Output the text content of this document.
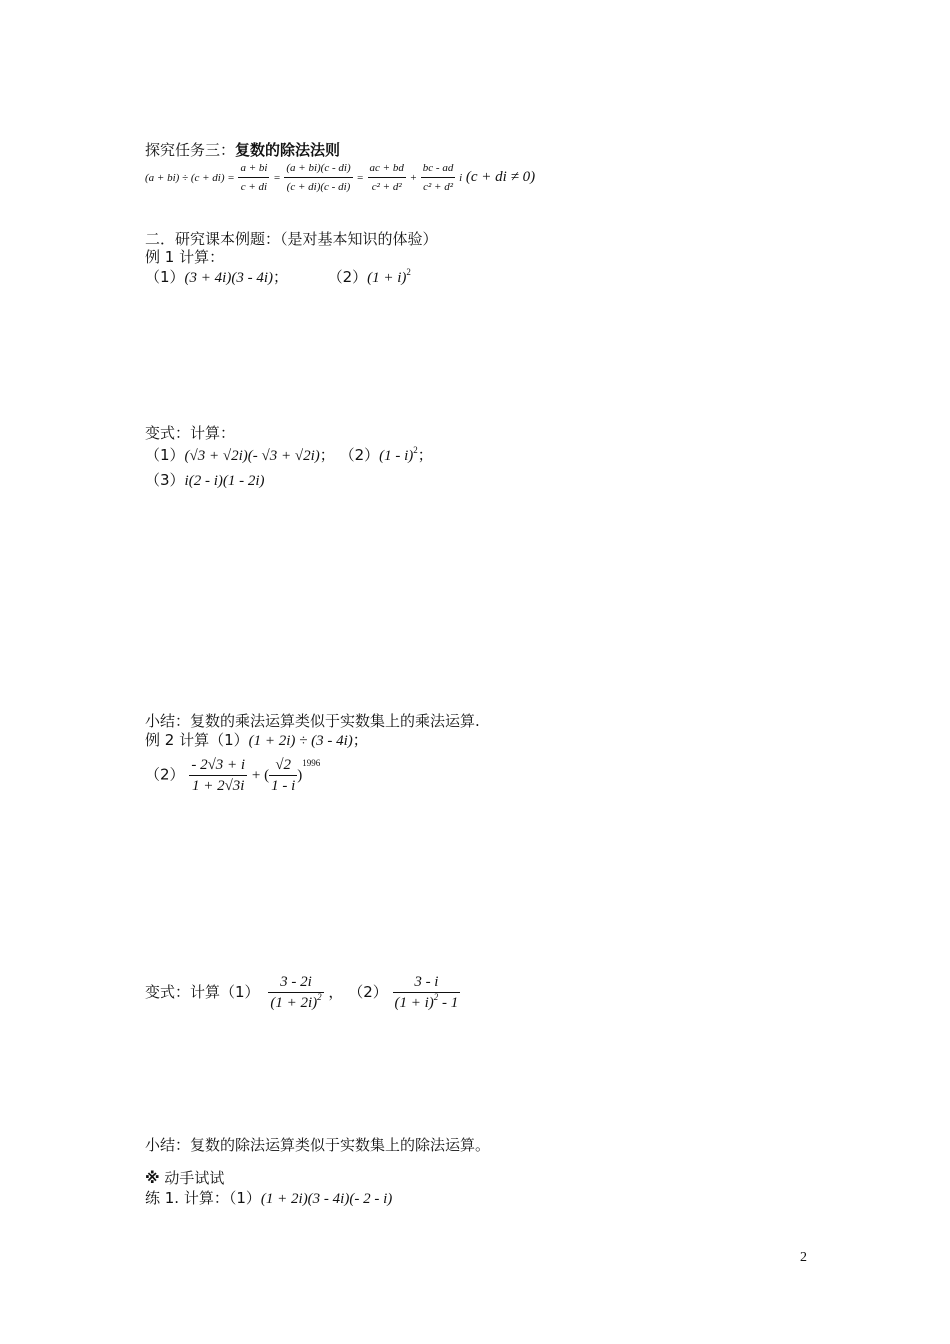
探究任务三：复数的除法法则
$(a + bi) \div (c + di) = \frac{a + bi}{c + di} = \frac{(a + bi)(c - di)}{(c + di)(c - di)} = \frac{ac + bd}{\text{c² + d²}} + \frac{bc - ad}{\text{c² + d²}}$ i (c + di ≠ 0)
二．研究课本例题：（是对基本知识的体验）
例 1 计算：
（1）(3 + 4i)(3 - 4i)；	$(2)(1 + i)^2$
变式：计算：
（1）(√3 + √2i)(- √3 + √2i)； （2）(1 - i)$^2$；
（3）i(2 - i)(1 - 2i)
小结：复数的乘法运算类似于实数集上的乘法运算.
例 2 计算（1）(1 + 2i) ÷ (3 - 4i)；
$(2) \frac{- 2√3 + i}{1 + 2√3i}$ + ( $\frac{√2}{1 - i} )^{1996}$
变式：计算$(1) \frac{3 - 2i}{(1 + 2i)^2}$ ， $(2) \frac{3 - i}{(1 + i)^2 - 1}$
小结：复数的除法运算类似于实数集上的除法运算。
※ 动手试试
练 1. 计算：（1）(1 + 2i)(3 - 4i)(- 2 - i)
2
